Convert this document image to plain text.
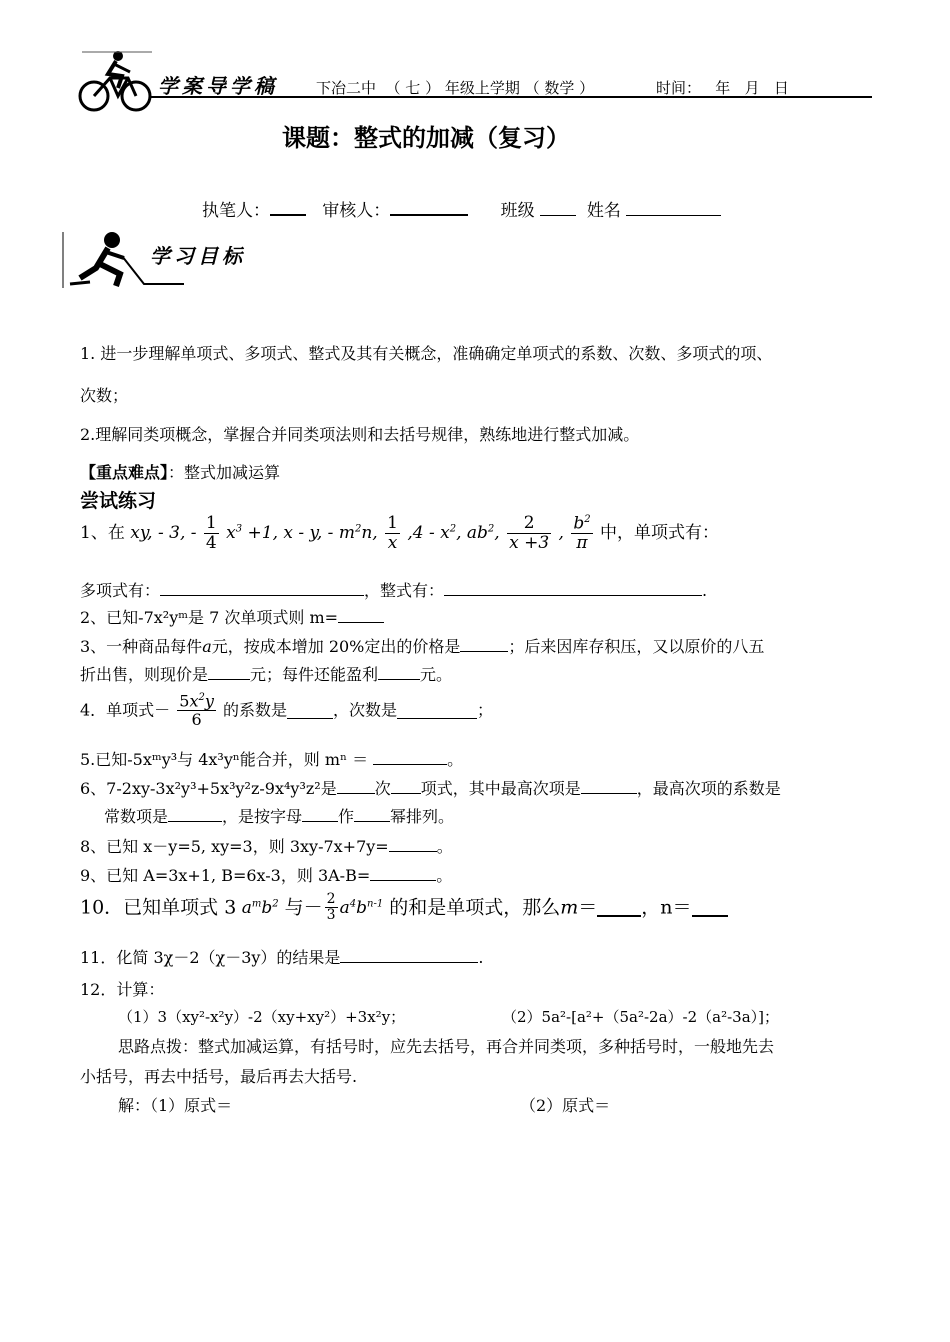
学案导学稿	下冶二中  （ 七 ） 年级上学期 （ 数学 ）	时间：   年   月   日
课题：整式的加减（复习）
执笔人：	审核人：	班级	姓名
学习目标
1. 进一步理解单项式、多项式、整式及其有关概念，准确确定单项式的系数、次数、多项式的项、
次数；
2.理解同类项概念，掌握合并同类项法则和去括号规律，熟练地进行整式加减。
【重点难点】：整式加减运算
尝试练习
1、在 xy, - 3, - $\frac{1}{4} x^3 +1$, x - y, - $m^2n$, $\frac{1}{x} ,4 - x^2$, $ab^2$, $\frac{2}{x +3}$ , $\frac{b^2}{\pi}$ 中，单项式有：
多项式有：	，整式有：	.
2、已知-7x²yᵐ是 7 次单项式则 m=
3、一种商品每件a元，按成本增加 20%定出的价格是	；后来因库存积压，又以原价的八五
折出售，则现价是	元；每件还能盈利	元。
4．单项式－ $\frac{5x^2y}{6}$ 的系数是	，次数是	；
5.已知-5xᵐy³与 4x³yⁿ能合并，则 mⁿ ＝	。
6、7-2xy-3x²y³+5x³y²z-9x⁴y³z²是 次 项式，其中最高次项是	，最高次项的系数是
常数项是	，是按字母 作 幂排列。
8、已知 x－y=5, xy=3，则 3xy-7x+7y=	。
9、已知 A=3x+1, B=6x-3，则 3A-B=	。
10．已知单项式 3 $a^mb^2$ 与－ $\frac{2}{3} a^4b^{n-1}$ 的和是单项式，那么m＝ ，n＝
11．化简 3χ－2（χ－3y）的结果是	.
12．计算：
（1）3（xy²-x²y）-2（xy+xy²）+3x²y；	（2）5a²-[a²+（5a²-2a）-2（a²-3a）]；
思路点拨：整式加减运算，有括号时，应先去括号，再合并同类项，多种括号时，一般地先去
小括号，再去中括号，最后再去大括号.
解：（1）原式＝	（2）原式＝
